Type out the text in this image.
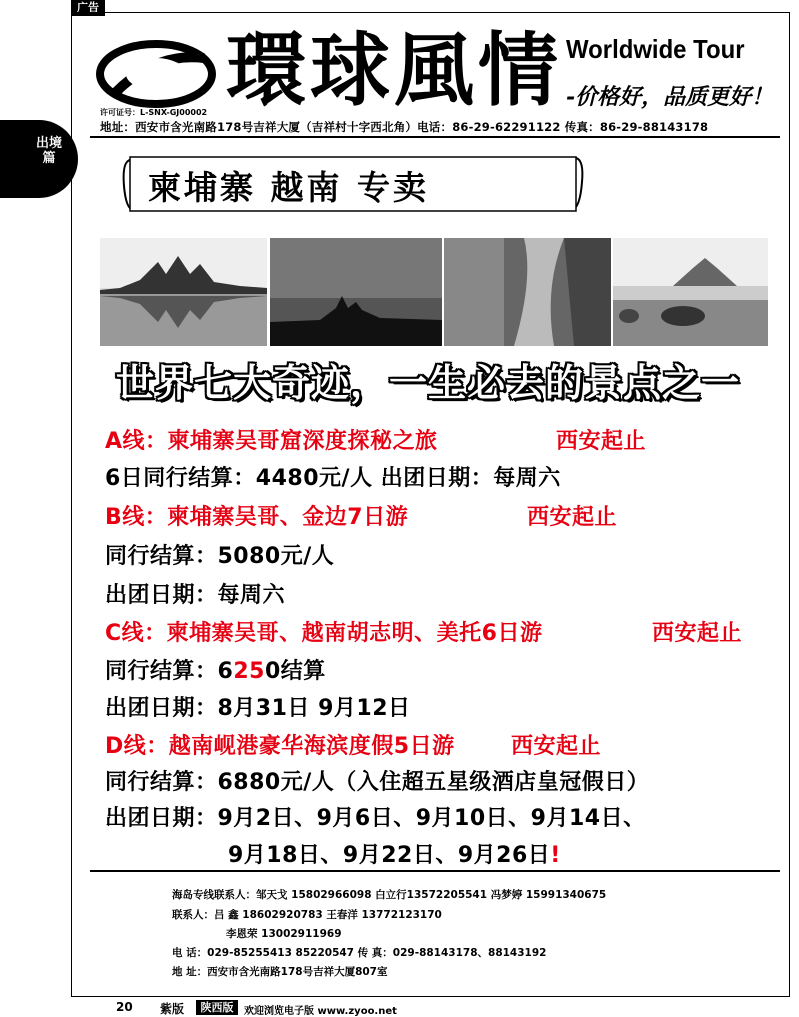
广告
出境篇
環球風情 Worldwide Tour
-价格好，品质更好！
许可证号：L-SNX-GJ00002
地址：西安市含光南路178号吉祥大厦（吉祥村十字西北角）电话：86-29-62291122 传真：86-29-88143178
柬埔寨 越南 专卖
世界七大奇迹，一生必去的景点之一
A线：柬埔寨吴哥窟深度探秘之旅	西安起止
6日同行结算：4480元/人 出团日期：每周六
B线：柬埔寨吴哥、金边7日游	西安起止
同行结算：5080元/人
出团日期：每周六
C线：柬埔寨吴哥、越南胡志明、美托6日游	西安起止
同行结算：6250结算
出团日期：8月31日 9月12日
D线：越南岘港豪华海滨度假5日游	西安起止
同行结算：6880元/人（入住超五星级酒店皇冠假日）
出团日期：9月2日、9月6日、9月10日、9月14日、
9月18日、9月22日、9月26日!
海岛专线联系人：邹天戈 15802966098 白立行13572205541 冯梦婷 15991340675
联系人：吕 鑫 18602920783 王春洋 13772123170
李恩荣 13002911969
电 话：029-85255413 85220547 传 真：029-88143178、88143192
地 址：西安市含光南路178号吉祥大厦807室
20 紫版	陕西版	欢迎浏览电子版 www.zyoo.net
